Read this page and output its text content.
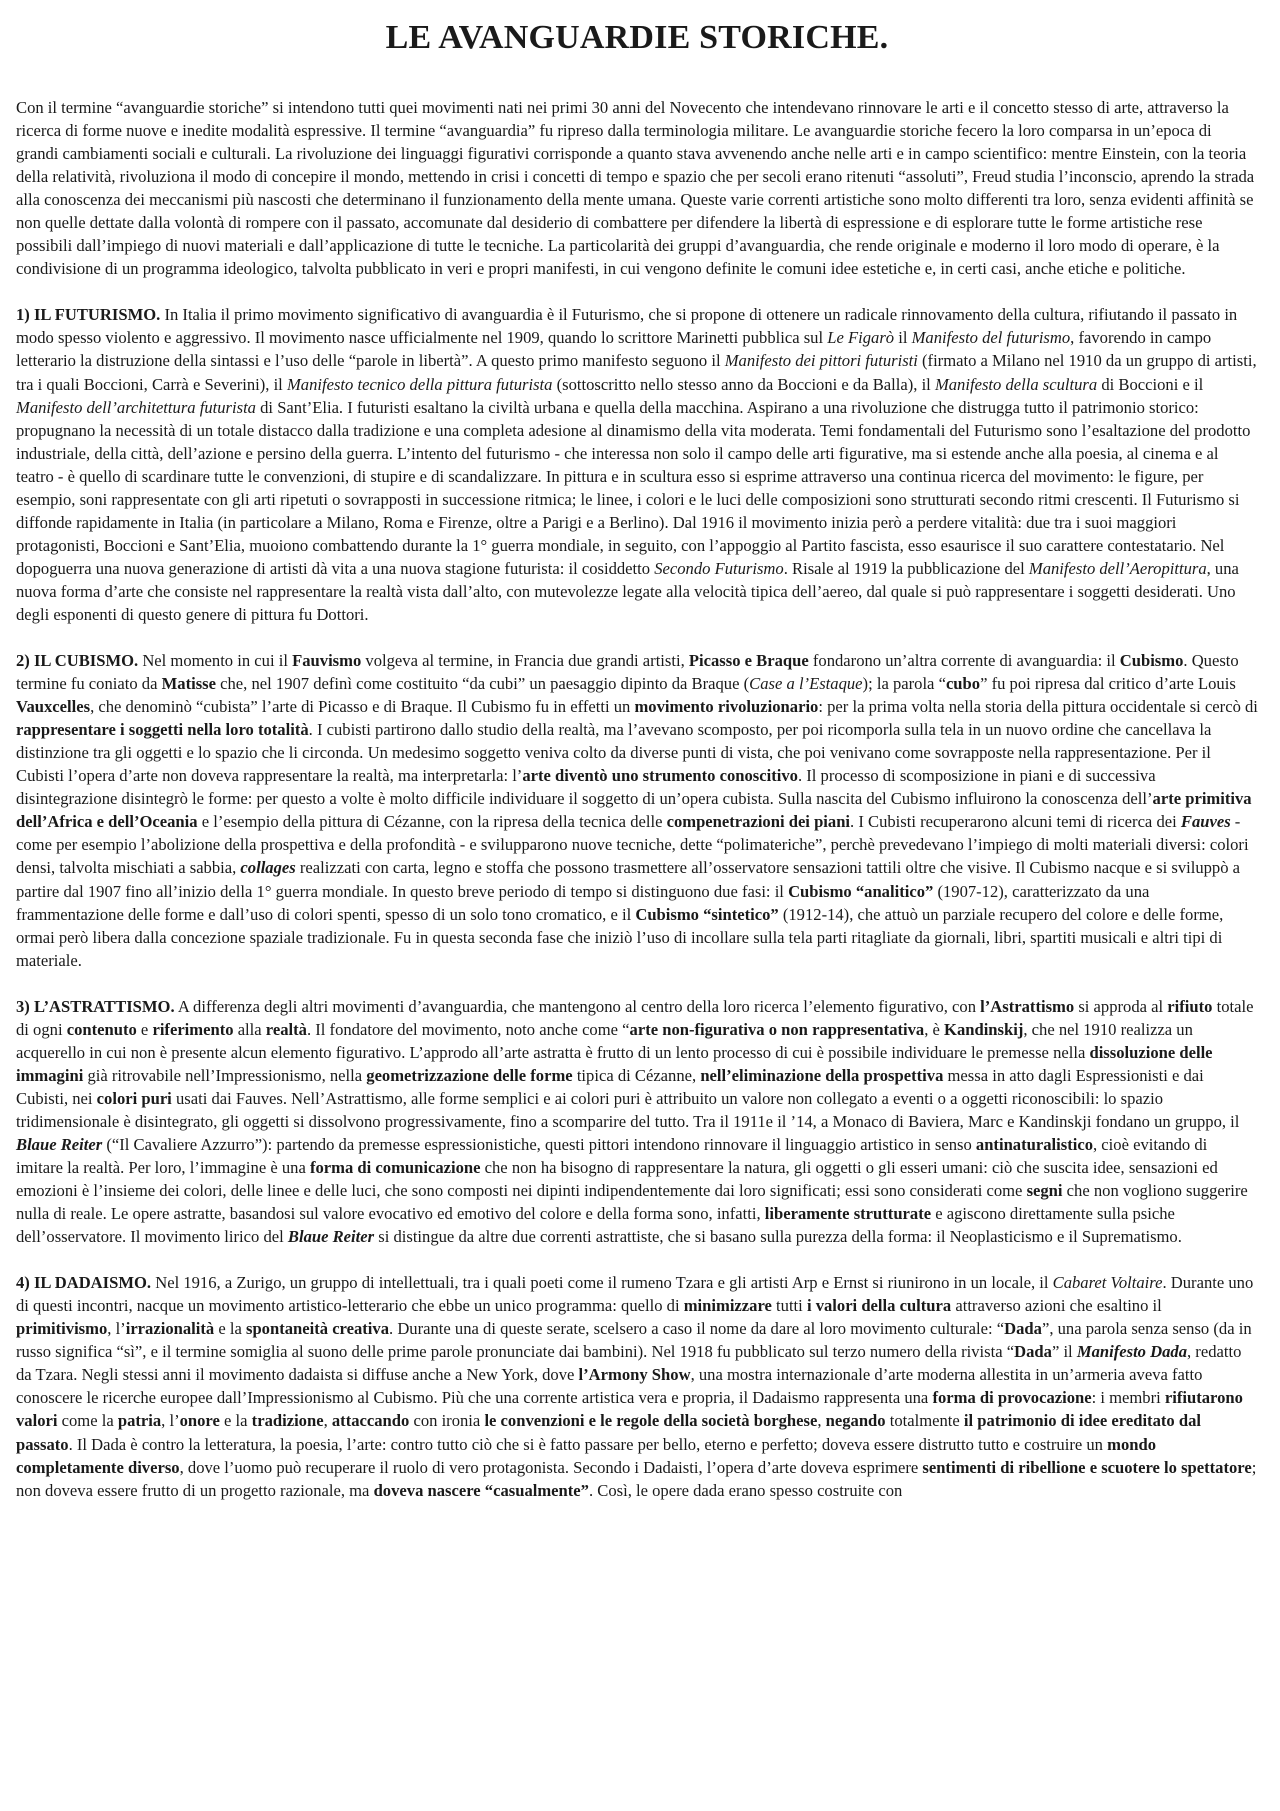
LE AVANGUARDIE STORICHE.

Con il termine “avanguardie storiche” si intendono tutti quei movimenti nati nei primi 30 anni del Novecento che intendevano rinnovare le arti e il concetto stesso di arte, attraverso la ricerca di forme nuove e inedite modalità espressive. Il termine “avanguardia” fu ripreso dalla terminologia militare. Le avanguardie storiche fecero la loro comparsa in un’epoca di grandi cambiamenti sociali e culturali. La rivoluzione dei linguaggi figurativi corrisponde a quanto stava avvenendo anche nelle arti e in campo scientifico: mentre Einstein, con la teoria della relatività, rivoluziona il modo di concepire il mondo, mettendo in crisi i concetti di tempo e spazio che per secoli erano ritenuti “assoluti”, Freud studia l’inconscio, aprendo la strada alla conoscenza dei meccanismi più nascosti che determinano il funzionamento della mente umana. Queste varie correnti artistiche sono molto differenti tra loro, senza evidenti affinità se non quelle dettate dalla volontà di rompere con il passato, accomunate dal desiderio di combattere per difendere la libertà di espressione e di esplorare tutte le forme artistiche rese possibili dall’impiego di nuovi materiali e dall’applicazione di tutte le tecniche. La particolarità dei gruppi d’avanguardia, che rende originale e moderno il loro modo di operare, è la condivisione di un programma ideologico, talvolta pubblicato in veri e propri manifesti, in cui vengono definite le comuni idee estetiche e, in certi casi, anche etiche e politiche.

1) IL FUTURISMO. In Italia il primo movimento significativo di avanguardia è il Futurismo, che si propone di ottenere un radicale rinnovamento della cultura, rifiutando il passato in modo spesso violento e aggressivo. Il movimento nasce ufficialmente nel 1909, quando lo scrittore Marinetti pubblica sul Le Figarò il Manifesto del futurismo, favorendo in campo letterario la distruzione della sintassi e l’uso delle “parole in libertà”. A questo primo manifesto seguono il Manifesto dei pittori futuristi (firmato a Milano nel 1910 da un gruppo di artisti, tra i quali Boccioni, Carrà e Severini), il Manifesto tecnico della pittura futurista (sottoscritto nello stesso anno da Boccioni e da Balla), il Manifesto della scultura di Boccioni e il Manifesto dell’architettura futurista di Sant’Elia. I futuristi esaltano la civiltà urbana e quella della macchina. Aspirano a una rivoluzione che distrugga tutto il patrimonio storico: propugnano la necessità di un totale distacco dalla tradizione e una completa adesione al dinamismo della vita moderata. Temi fondamentali del Futurismo sono l’esaltazione del prodotto industriale, della città, dell’azione e persino della guerra. L’intento del futurismo - che interessa non solo il campo delle arti figurative, ma si estende anche alla poesia, al cinema e al teatro - è quello di scardinare tutte le convenzioni, di stupire e di scandalizzare. In pittura e in scultura esso si esprime attraverso una continua ricerca del movimento: le figure, per esempio, soni rappresentate con gli arti ripetuti o sovrapposti in successione ritmica; le linee, i colori e le luci delle composizioni sono strutturati secondo ritmi crescenti. Il Futurismo si diffonde rapidamente in Italia (in particolare a Milano, Roma e Firenze, oltre a Parigi e a Berlino). Dal 1916 il movimento inizia però a perdere vitalità: due tra i suoi maggiori protagonisti, Boccioni e Sant’Elia, muoiono combattendo durante la 1° guerra mondiale, in seguito, con l’appoggio al Partito fascista, esso esaurisce il suo carattere contestatario. Nel dopoguerra una nuova generazione di artisti dà vita a una nuova stagione futurista: il cosiddetto Secondo Futurismo. Risale al 1919 la pubblicazione del Manifesto dell’Aeropittura, una nuova forma d’arte che consiste nel rappresentare la realtà vista dall’alto, con mutevolezze legate alla velocità tipica dell’aereo, dal quale si può rappresentare i soggetti desiderati. Uno degli esponenti di questo genere di pittura fu Dottori.

2) IL CUBISMO. Nel momento in cui il Fauvismo volgeva al termine, in Francia due grandi artisti, Picasso e Braque fondarono un’altra corrente di avanguardia: il Cubismo. Questo termine fu coniato da Matisse che, nel 1907 definì come costituito “da cubi” un paesaggio dipinto da Braque (Case a l’Estaque); la parola “cubo” fu poi ripresa dal critico d’arte Louis Vauxcelles, che denominò “cubista” l’arte di Picasso e di Braque. Il Cubismo fu in effetti un movimento rivoluzionario: per la prima volta nella storia della pittura occidentale si cercò di rappresentare i soggetti nella loro totalità. I cubisti partirono dallo studio della realtà, ma l’avevano scomposto, per poi ricomporla sulla tela in un nuovo ordine che cancellava la distinzione tra gli oggetti e lo spazio che li circonda. Un medesimo soggetto veniva colto da diverse punti di vista, che poi venivano come sovrapposte nella rappresentazione. Per il Cubisti l’opera d’arte non doveva rappresentare la realtà, ma interpretarla: l’arte diventò uno strumento conoscitivo. Il processo di scomposizione in piani e di successiva disintegrazione disintegrò le forme: per questo a volte è molto difficile individuare il soggetto di un’opera cubista. Sulla nascita del Cubismo influirono la conoscenza dell’arte primitiva dell’Africa e dell’Oceania e l’esempio della pittura di Cézanne, con la ripresa della tecnica delle compenetrazioni dei piani. I Cubisti recuperarono alcuni temi di ricerca dei Fauves - come per esempio l’abolizione della prospettiva e della profondità - e svilupparono nuove tecniche, dette “polimateriche”, perchè prevedevano l’impiego di molti materiali diversi: colori densi, talvolta mischiati a sabbia, collages realizzati con carta, legno e stoffa che possono trasmettere all’osservatore sensazioni tattili oltre che visive. Il Cubismo nacque e si sviluppò a partire dal 1907 fino all’inizio della 1° guerra mondiale. In questo breve periodo di tempo si distinguono due fasi: il Cubismo “analitico” (1907-12), caratterizzato da una frammentazione delle forme e dall’uso di colori spenti, spesso di un solo tono cromatico, e il Cubismo “sintetico” (1912-14), che attuò un parziale recupero del colore e delle forme, ormai però libera dalla concezione spaziale tradizionale. Fu in questa seconda fase che iniziò l’uso di incollare sulla tela parti ritagliate da giornali, libri, spartiti musicali e altri tipi di materiale.

3) L’ASTRATTISMO. A differenza degli altri movimenti d’avanguardia, che mantengono al centro della loro ricerca l’elemento figurativo, con l’Astrattismo si approda al rifiuto totale di ogni contenuto e riferimento alla realtà. Il fondatore del movimento, noto anche come “arte non-figurativa o non rappresentativa, è Kandinskij, che nel 1910 realizza un acquerello in cui non è presente alcun elemento figurativo. L’approdo all’arte astratta è frutto di un lento processo di cui è possibile individuare le premesse nella dissoluzione delle immagini già ritrovabile nell’Impressionismo, nella geometrizzazione delle forme tipica di Cézanne, nell’eliminazione della prospettiva messa in atto dagli Espressionisti e dai Cubisti, nei colori puri usati dai Fauves. Nell’Astrattismo, alle forme semplici e ai colori puri è attribuito un valore non collegato a eventi o a oggetti riconoscibili: lo spazio tridimensionale è disintegrato, gli oggetti si dissolvono progressivamente, fino a scomparire del tutto. Tra il 1911e il ’14, a Monaco di Baviera, Marc e Kandinskji fondano un gruppo, il Blaue Reiter (“Il Cavaliere Azzurro”): partendo da premesse espressionistiche, questi pittori intendono rinnovare il linguaggio artistico in senso antinaturalistico, cioè evitando di imitare la realtà. Per loro, l’immagine è una forma di comunicazione che non ha bisogno di rappresentare la natura, gli oggetti o gli esseri umani: ciò che suscita idee, sensazioni ed emozioni è l’insieme dei colori, delle linee e delle luci, che sono composti nei dipinti indipendentemente dai loro significati; essi sono considerati come segni che non vogliono suggerire nulla di reale. Le opere astratte, basandosi sul valore evocativo ed emotivo del colore e della forma sono, infatti, liberamente strutturate e agiscono direttamente sulla psiche dell’osservatore. Il movimento lirico del Blaue Reiter si distingue da altre due correnti astrattiste, che si basano sulla purezza della forma: il Neoplasticismo e il Suprematismo.

4) IL DADAISMO. Nel 1916, a Zurigo, un gruppo di intellettuali, tra i quali poeti come il rumeno Tzara e gli artisti Arp e Ernst si riunirono in un locale, il Cabaret Voltaire. Durante uno di questi incontri, nacque un movimento artistico-letterario che ebbe un unico programma: quello di minimizzare tutti i valori della cultura attraverso azioni che esaltino il primitivismo, l’irrazionalità e la spontaneità creativa. Durante una di queste serate, scelsero a caso il nome da dare al loro movimento culturale: “Dada”, una parola senza senso (da in russo significa “sì”, e il termine somiglia al suono delle prime parole pronunciate dai bambini). Nel 1918 fu pubblicato sul terzo numero della rivista “Dada” il Manifesto Dada, redatto da Tzara. Negli stessi anni il movimento dadaista si diffuse anche a New York, dove l’Armony Show, una mostra internazionale d’arte moderna allestita in un’armeria aveva fatto conoscere le ricerche europee dall’Impressionismo al Cubismo. Più che una corrente artistica vera e propria, il Dadaismo rappresenta una forma di provocazione: i membri rifiutarono valori come la patria, l’onore e la tradizione, attaccando con ironia le convenzioni e le regole della società borghese, negando totalmente il patrimonio di idee ereditato dal passato. Il Dada è contro la letteratura, la poesia, l’arte: contro tutto ciò che si è fatto passare per bello, eterno e perfetto; doveva essere distrutto tutto e costruire un mondo completamente diverso, dove l’uomo può recuperare il ruolo di vero protagonista. Secondo i Dadaisti, l’opera d’arte doveva esprimere sentimenti di ribellione e scuotere lo spettatore; non doveva essere frutto di un progetto razionale, ma doveva nascere “casualmente”. Così, le opere dada erano spesso costruite con
